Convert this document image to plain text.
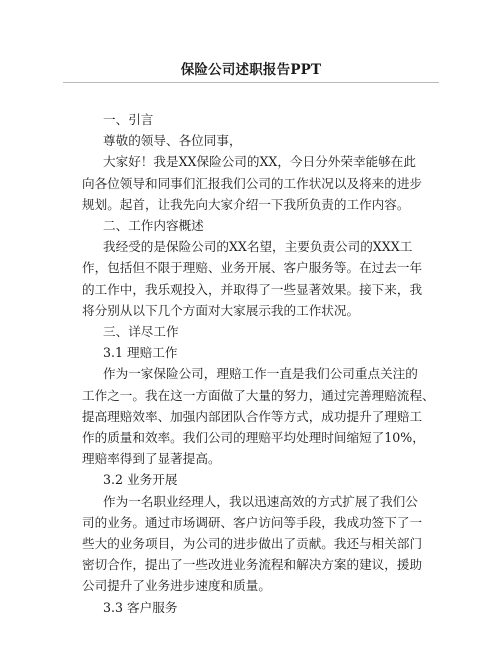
保险公司述职报告PPT

一、引言

尊敬的领导、各位同事，

大家好！我是XX保险公司的XX，今日分外荣幸能够在此

向各位领导和同事们汇报我们公司的工作状况以及将来的进步

规划。起首，让我先向大家介绍一下我所负责的工作内容。

二、工作内容概述

我经受的是保险公司的XX名望，主要负责公司的XXX工

作，包括但不限于理赔、业务开展、客户服务等。在过去一年

的工作中，我乐观投入，并取得了一些显著效果。接下来，我

将分别从以下几个方面对大家展示我的工作状况。

三、详尽工作

3.1 理赔工作

作为一家保险公司，理赔工作一直是我们公司重点关注的

工作之一。我在这一方面做了大量的努力，通过完善理赔流程、

提高理赔效率、加强内部团队合作等方式，成功提升了理赔工

作的质量和效率。我们公司的理赔平均处理时间缩短了10%，

理赔率得到了显著提高。

3.2 业务开展

作为一名职业经理人，我以迅速高效的方式扩展了我们公

司的业务。通过市场调研、客户访问等手段，我成功签下了一

些大的业务项目，为公司的进步做出了贡献。我还与相关部门

密切合作，提出了一些改进业务流程和解决方案的建议，援助

公司提升了业务进步速度和质量。

3.3 客户服务
